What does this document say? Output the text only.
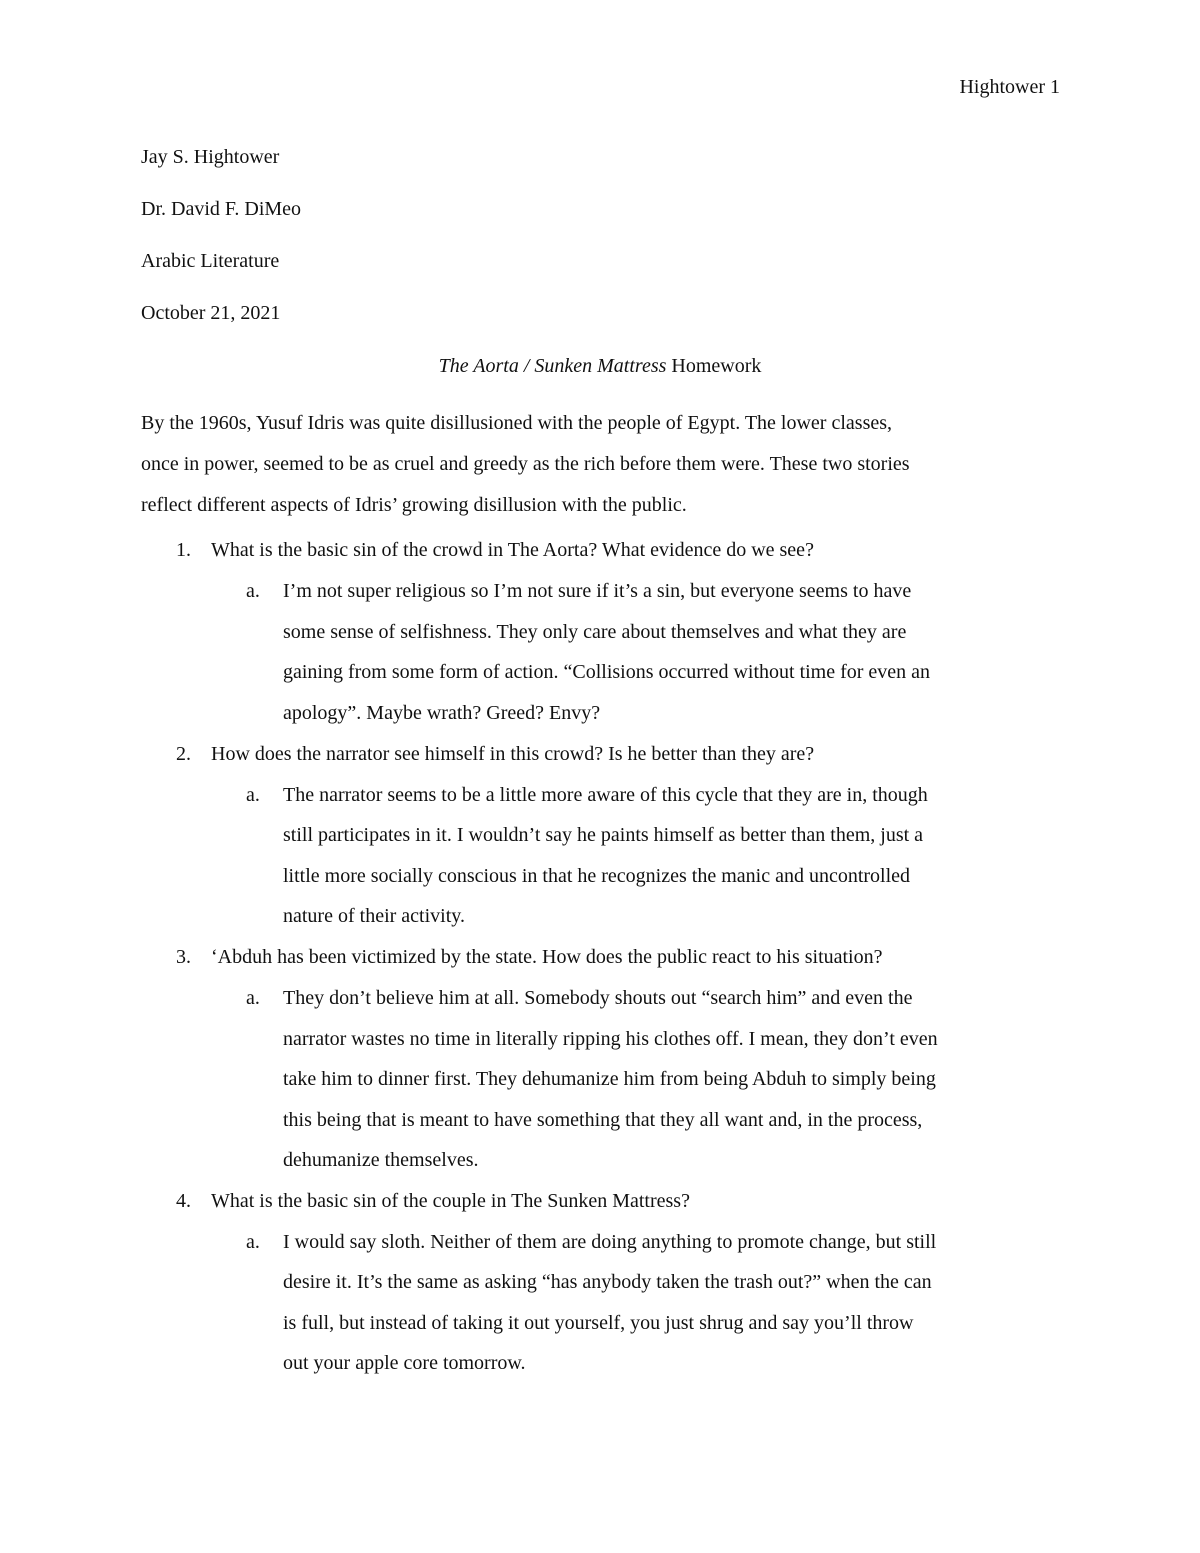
Hightower 1
Jay S. Hightower
Dr. David F. DiMeo
Arabic Literature
October 21, 2021
The Aorta / Sunken Mattress Homework
By the 1960s, Yusuf Idris was quite disillusioned with the people of Egypt. The lower classes,
once in power, seemed to be as cruel and greedy as the rich before them were. These two stories
reflect different aspects of Idris’ growing disillusion with the public.
1. What is the basic sin of the crowd in The Aorta? What evidence do we see?
a. I’m not super religious so I’m not sure if it’s a sin, but everyone seems to have
some sense of selfishness. They only care about themselves and what they are
gaining from some form of action. “Collisions occurred without time for even an
apology”. Maybe wrath? Greed? Envy?
2. How does the narrator see himself in this crowd? Is he better than they are?
a. The narrator seems to be a little more aware of this cycle that they are in, though
still participates in it. I wouldn’t say he paints himself as better than them, just a
little more socially conscious in that he recognizes the manic and uncontrolled
nature of their activity.
3. ‘Abduh has been victimized by the state. How does the public react to his situation?
a. They don’t believe him at all. Somebody shouts out “search him” and even the
narrator wastes no time in literally ripping his clothes off. I mean, they don’t even
take him to dinner first. They dehumanize him from being Abduh to simply being
this being that is meant to have something that they all want and, in the process,
dehumanize themselves.
4. What is the basic sin of the couple in The Sunken Mattress?
a. I would say sloth. Neither of them are doing anything to promote change, but still
desire it. It’s the same as asking “has anybody taken the trash out?” when the can
is full, but instead of taking it out yourself, you just shrug and say you’ll throw
out your apple core tomorrow.
